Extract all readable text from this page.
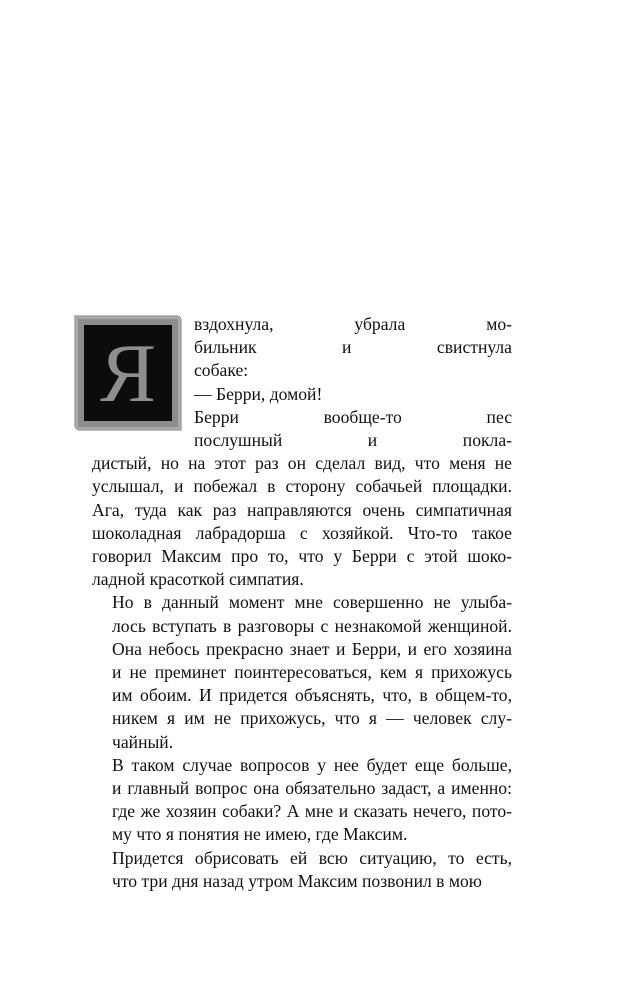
Я

вздохнула, убрала мо-
бильник и свистнула
собаке:

— Берри, домой!

Берри вообще-то пес
послушный и покла-
дистый, но на этот раз он сделал вид, что меня не
услышал, и побежал в сторону собачьей площадки.
Ага, туда как раз направляются очень симпатичная
шоколадная лабрадорша с хозяйкой. Что-то такое
говорил Максим про то, что у Берри с этой шоко-
ладной красоткой симпатия.

Но в данный момент мне совершенно не улыба-
лось вступать в разговоры с незнакомой женщиной.
Она небось прекрасно знает и Берри, и его хозяина
и не преминет поинтересоваться, кем я прихожусь
им обоим. И придется объяснять, что, в общем-то,
никем я им не прихожусь, что я — человек слу-
чайный.

В таком случае вопросов у нее будет еще больше,
и главный вопрос она обязательно задаст, а именно:
где же хозяин собаки? А мне и сказать нечего, пото-
му что я понятия не имею, где Максим.

Придется обрисовать ей всю ситуацию, то есть,
что три дня назад утром Максим позвонил в мою
